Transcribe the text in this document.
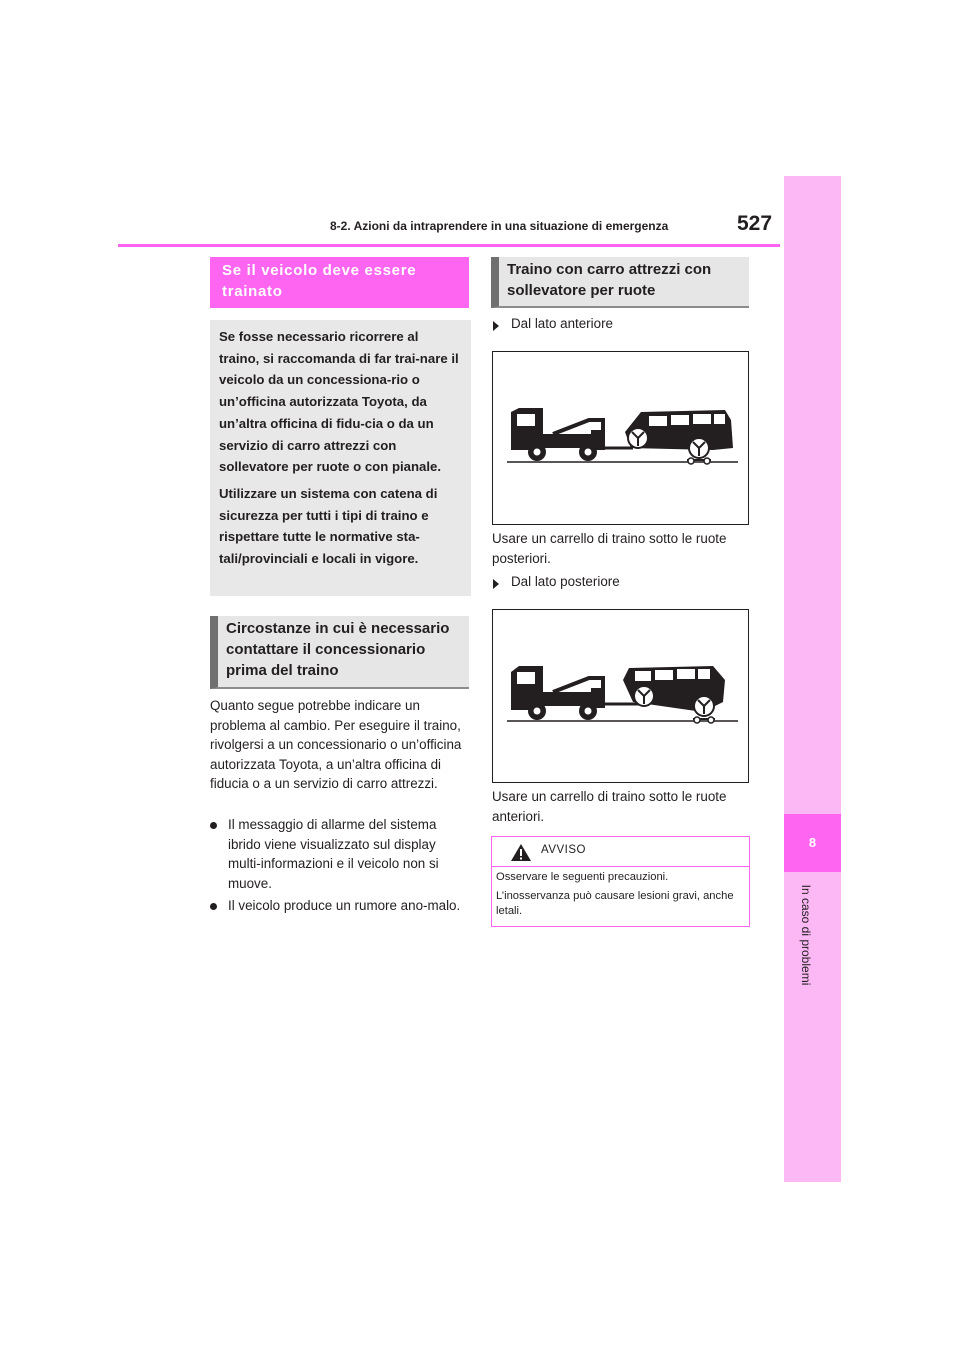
8
In caso di problemi
8-2. Azioni da intraprendere in una situazione di emergenza	527
Se il veicolo deve essere trainato

Se fosse necessario ricorrere al traino, si raccomanda di far trai-nare il veicolo da un concessiona-rio o un’officina autorizzata Toyota, da un’altra officina di fidu-cia o da un servizio di carro attrezzi con sollevatore per ruote o con pianale.

Utilizzare un sistema con catena di sicurezza per tutti i tipi di traino e rispettare tutte le normative sta-tali/provinciali e locali in vigore.

Circostanze in cui è necessario contattare il concessionario prima del traino
Quanto segue potrebbe indicare un problema al cambio. Per eseguire il traino, rivolgersi a un concessionario o un’officina autorizzata Toyota, a un’altra officina di fiducia o a un servizio di carro attrezzi.
Il messaggio di allarme del sistema ibrido viene visualizzato sul display multi-informazioni e il veicolo non si muove.
Il veicolo produce un rumore ano-malo.
Traino con carro attrezzi con sollevatore per ruote
Dal lato anteriore
Usare un carrello di traino sotto le ruote posteriori.
Dal lato posteriore
Usare un carrello di traino sotto le ruote anteriori.
AVVISO

Osservare le seguenti precauzioni.

L’inosservanza può causare lesioni gravi, anche letali.
